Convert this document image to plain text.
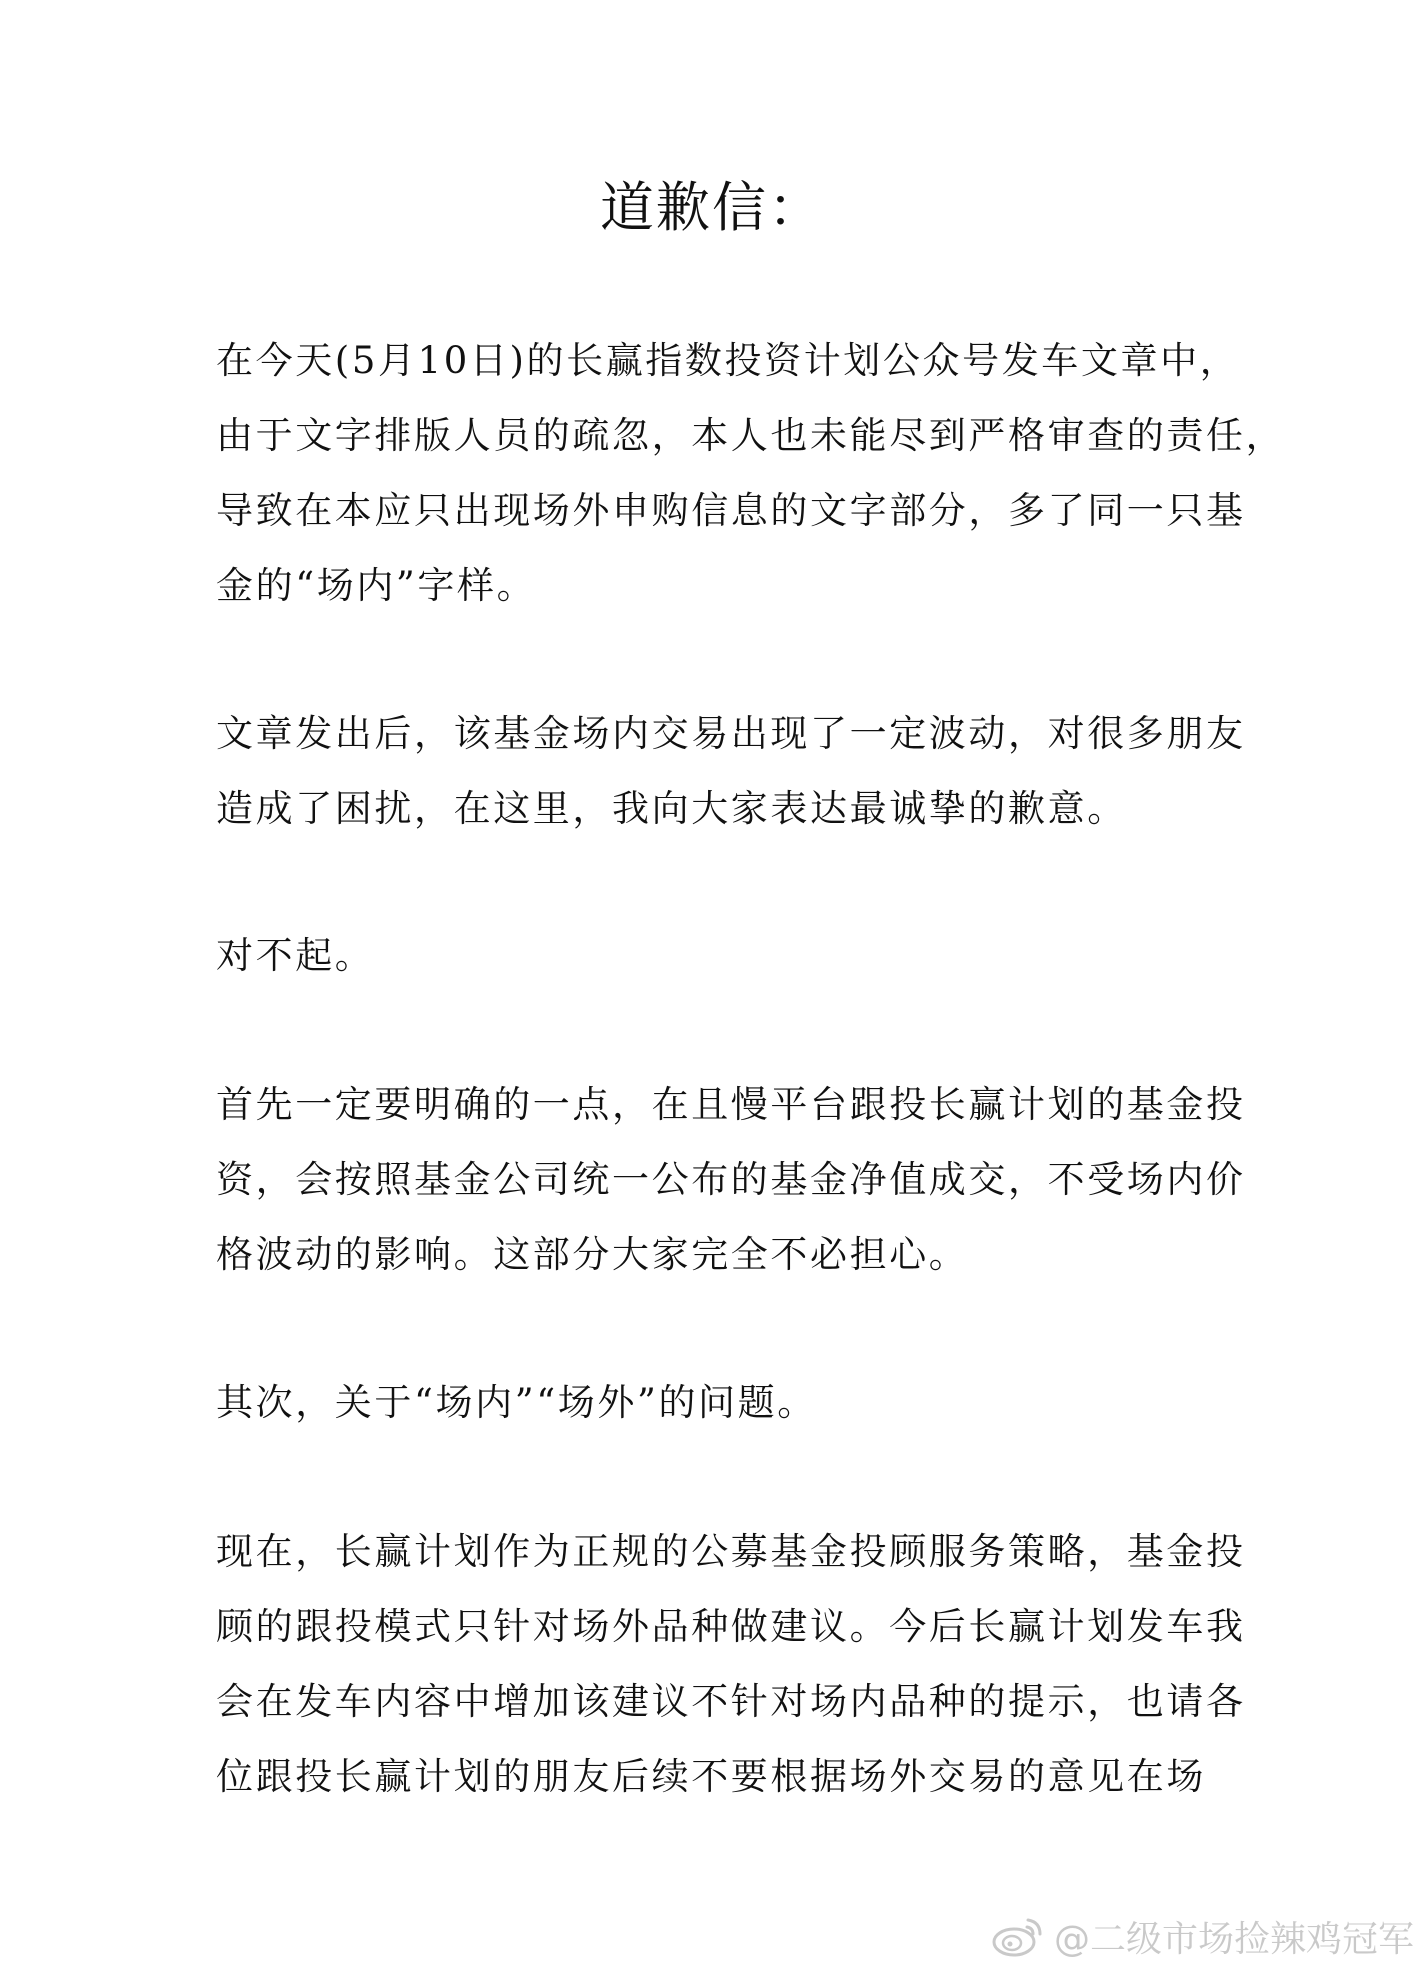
道歉信：
在今天(5月10日)的长赢指数投资计划公众号发车文章中，
由于文字排版人员的疏忽，本人也未能尽到严格审查的责任，
导致在本应只出现场外申购信息的文字部分，多了同一只基
金的“场内”字样。
文章发出后，该基金场内交易出现了一定波动，对很多朋友
造成了困扰，在这里，我向大家表达最诚挚的歉意。
对不起。
首先一定要明确的一点，在且慢平台跟投长赢计划的基金投
资，会按照基金公司统一公布的基金净值成交，不受场内价
格波动的影响。这部分大家完全不必担心。
其次，关于“场内”“场外”的问题。
现在，长赢计划作为正规的公募基金投顾服务策略，基金投
顾的跟投模式只针对场外品种做建议。今后长赢计划发车我
会在发车内容中增加该建议不针对场内品种的提示，也请各
位跟投长赢计划的朋友后续不要根据场外交易的意见在场
@二级市场捡辣鸡冠军
